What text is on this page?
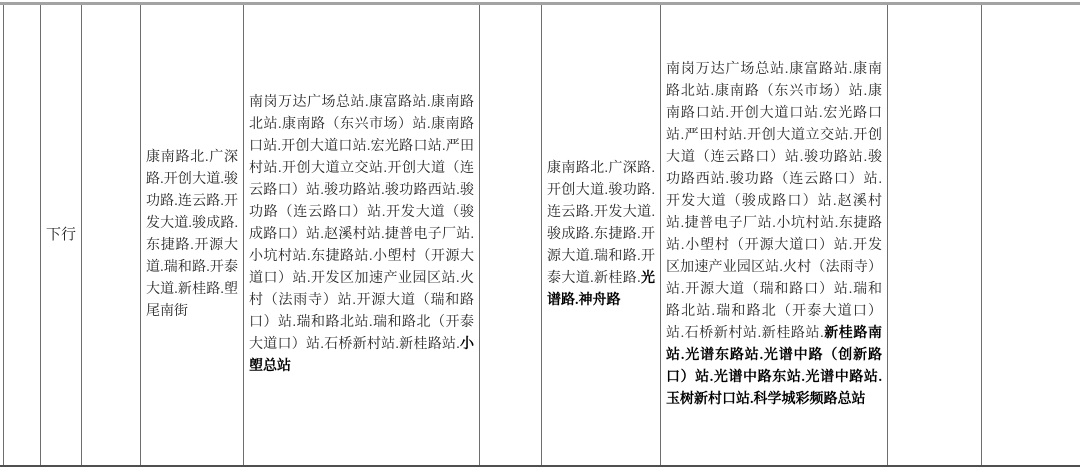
下行
康南路北.广深路.开创大道.骏功路.连云路.开发大道.骏成路.东捷路.开源大道.瑞和路.开泰大道.新桂路.塱尾南街
南岗万达广场总站.康富路站.康南路北站.康南路（东兴市场）站.康南路口站.开创大道口站.宏光路口站.严田村站.开创大道立交站.开创大道（连云路口）站.骏功路站.骏功路西站.骏功路（连云路口）站.开发大道（骏成路口）站.赵溪村站.捷普电子厂站.小坑村站.东捷路站.小塱村（开源大道口）站.开发区加速产业园区站.火村（法雨寺）站.开源大道（瑞和路口）站.瑞和路北站.瑞和路北（开泰大道口）站.石桥新村站.新桂路站.小塱总站
康南路北.广深路.开创大道.骏功路.连云路.开发大道.骏成路.东捷路.开源大道.瑞和路.开泰大道.新桂路.光谱路.神舟路
南岗万达广场总站.康富路站.康南路北站.康南路（东兴市场）站.康南路口站.开创大道口站.宏光路口站.严田村站.开创大道立交站.开创大道（连云路口）站.骏功路站.骏功路西站.骏功路（连云路口）站.开发大道（骏成路口）站.赵溪村站.捷普电子厂站.小坑村站.东捷路站.小塱村（开源大道口）站.开发区加速产业园区站.火村（法雨寺）站.开源大道（瑞和路口）站.瑞和路北站.瑞和路北（开泰大道口）站.石桥新村站.新桂路站.新桂路南站.光谱东路站.光谱中路（创新路口）站.光谱中路东站.光谱中路站.玉树新村口站.科学城彩频路总站
